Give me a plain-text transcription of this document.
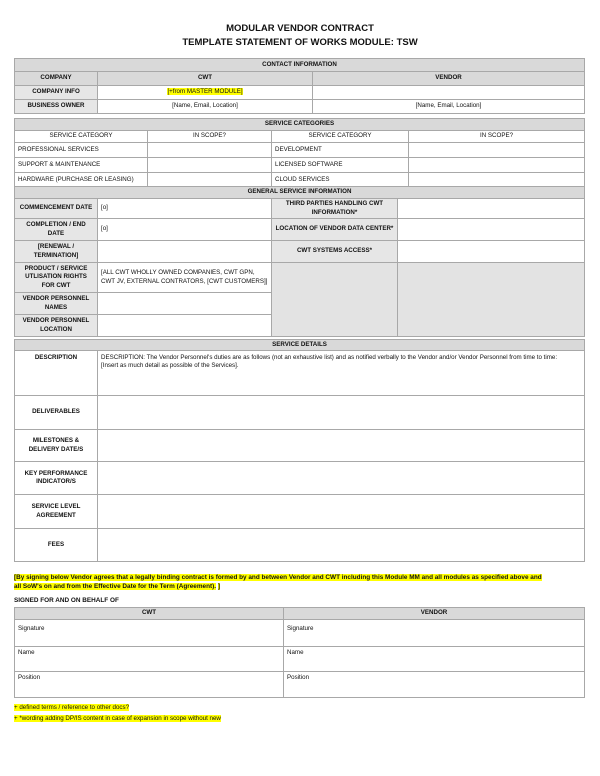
MODULAR VENDOR CONTRACT
TEMPLATE STATEMENT OF WORKS MODULE: TSW
CONTACT INFORMATION		
COMPANY	CWT	VENDOR
COMPANY INFO	[+from MASTER MODULE]	
BUSINESS OWNER	[Name, Email, Location]	[Name, Email, Location]
SERVICE CATEGORIES			
SERVICE CATEGORY	IN SCOPE?	SERVICE CATEGORY	IN SCOPE?
PROFESSIONAL SERVICES		DEVELOPMENT	
SUPPORT & MAINTENANCE		LICENSED SOFTWARE	
HARDWARE (PURCHASE OR LEASING)		CLOUD SERVICES	
GENERAL SERVICE INFORMATION			
COMMENCEMENT DATE	[o]	THIRD PARTIES HANDLING CWT INFORMATION*	
COMPLETION / END DATE	[o]	LOCATION OF VENDOR DATA CENTER*	
[RENEWAL / TERMINATION]		CWT SYSTEMS ACCESS*	
PRODUCT / SERVICE UTLISATION RIGHTS FOR CWT	[ALL CWT WHOLLY OWNED COMPANIES, CWT GPN, CWT JV, EXTERNAL CONTRATORS, [CWT CUSTOMERS]]		
VENDOR PERSONNEL NAMES			
VENDOR PERSONNEL LOCATION			
SERVICE DETAILS	
DESCRIPTION	DESCRIPTION: The Vendor Personnel's duties are as follows (not an exhaustive list) and as notified verbally to the Vendor and/or Vendor Personnel from time to time:
[Insert as much detail as possible of the Services].

DELIVERABLES	
MILESTONES & DELIVERY DATE/S	
KEY PERFORMANCE INDICATOR/S	
SERVICE LEVEL AGREEMENT	
FEES	
[By signing below Vendor agrees that a legally binding contract is formed by and between Vendor and CWT including this Module MM and all modules as specified above and
all SoW's on and from the Effective Date for the Term (Agreement). ]
SIGNED FOR AND ON BEHALF OF
CWT	VENDOR
Signature	Signature
Name	Name
Position	Position
+ defined terms / reference to other docs?
+ *wording adding DP/IS content in case of expansion in scope without new
